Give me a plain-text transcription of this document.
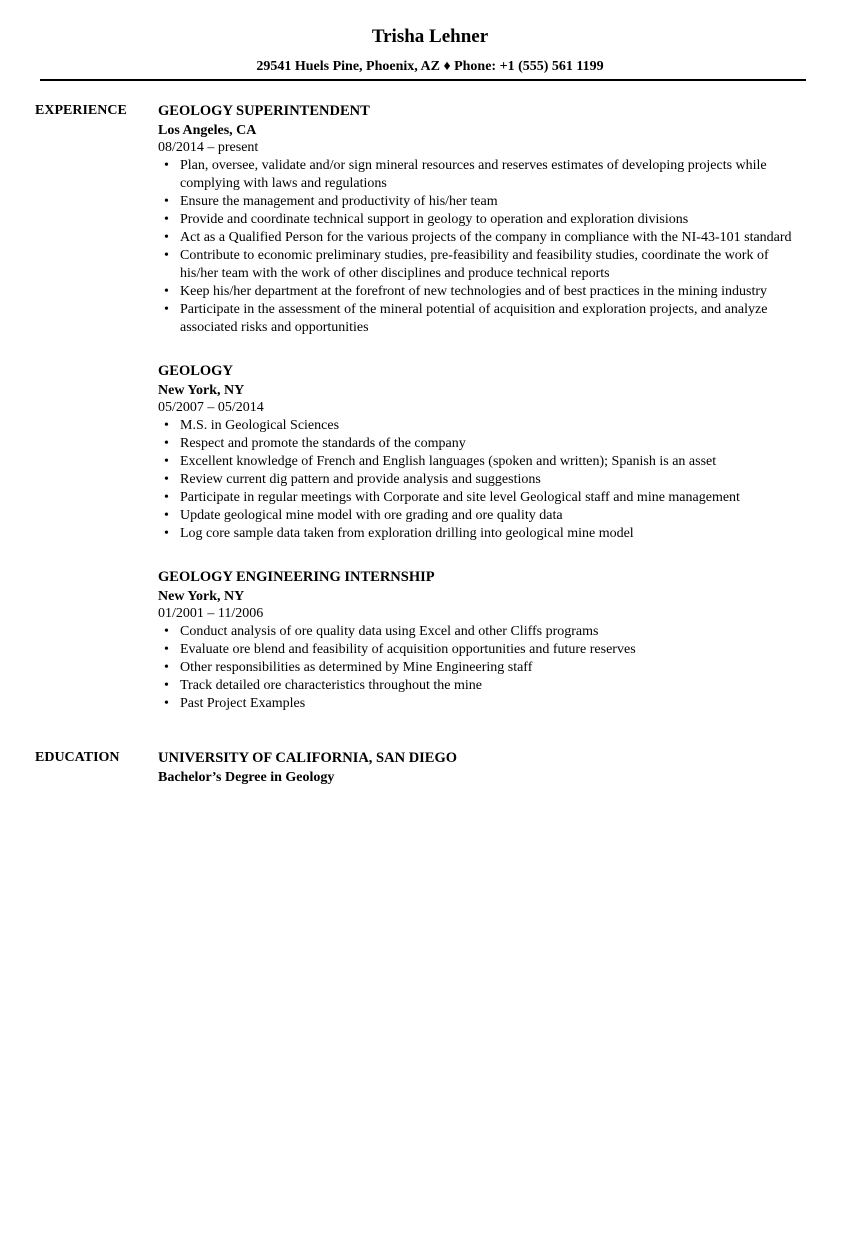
Trisha Lehner
29541 Huels Pine, Phoenix, AZ ♦ Phone: +1 (555) 561 1199
EXPERIENCE GEOLOGY SUPERINTENDENT
Los Angeles, CA
08/2014 – present
• Plan, oversee, validate and/or sign mineral resources and reserves estimates of developing projects while complying with laws and regulations
• Ensure the management and productivity of his/her team
• Provide and coordinate technical support in geology to operation and exploration divisions
• Act as a Qualified Person for the various projects of the company in compliance with the NI-43-101 standard
• Contribute to economic preliminary studies, pre-feasibility and feasibility studies, coordinate the work of his/her team with the work of other disciplines and produce technical reports
• Keep his/her department at the forefront of new technologies and of best practices in the mining industry
• Participate in the assessment of the mineral potential of acquisition and exploration projects, and analyze associated risks and opportunities
GEOLOGY
New York, NY
05/2007 – 05/2014
• M.S. in Geological Sciences
• Respect and promote the standards of the company
• Excellent knowledge of French and English languages (spoken and written); Spanish is an asset
• Review current dig pattern and provide analysis and suggestions
• Participate in regular meetings with Corporate and site level Geological staff and mine management
• Update geological mine model with ore grading and ore quality data
• Log core sample data taken from exploration drilling into geological mine model
GEOLOGY ENGINEERING INTERNSHIP
New York, NY
01/2001 – 11/2006
• Conduct analysis of ore quality data using Excel and other Cliffs programs
• Evaluate ore blend and feasibility of acquisition opportunities and future reserves
• Other responsibilities as determined by Mine Engineering staff
• Track detailed ore characteristics throughout the mine
• Past Project Examples
EDUCATION	UNIVERSITY OF CALIFORNIA, SAN DIEGO
Bachelor’s Degree in Geology
